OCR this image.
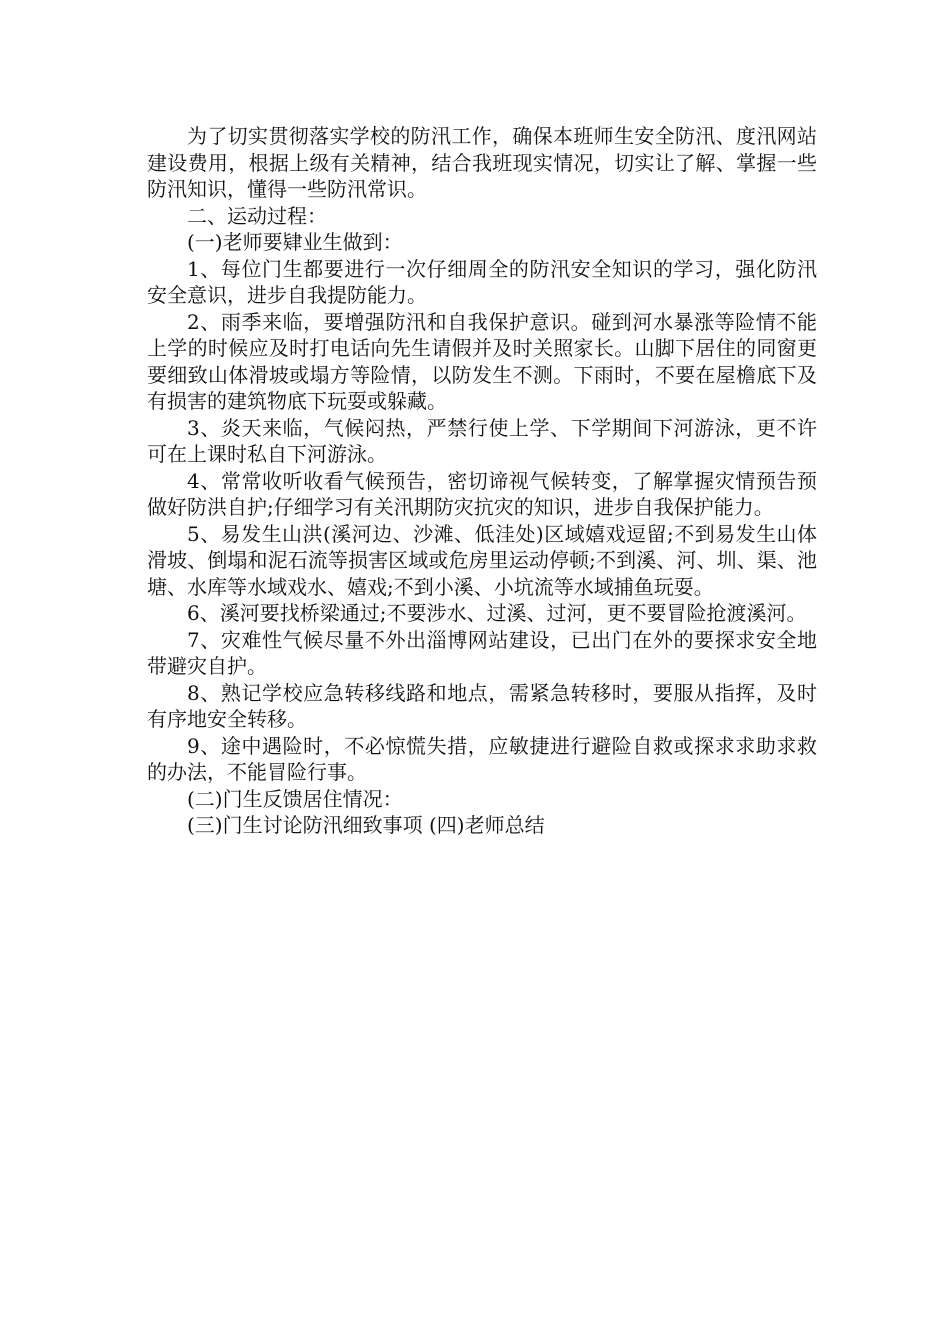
为了切实贯彻落实学校的防汛工作，确保本班师生安全防汛、度汛网站建设费用，根据上级有关精神，结合我班现实情况，切实让了解、掌握一些防汛知识，懂得一些防汛常识。

二、运动过程：

(一)老师要肄业生做到：

1、每位门生都要进行一次仔细周全的防汛安全知识的学习，强化防汛安全意识，进步自我提防能力。

2、雨季来临，要增强防汛和自我保护意识。碰到河水暴涨等险情不能上学的时候应及时打电话向先生请假并及时关照家长。山脚下居住的同窗更要细致山体滑坡或塌方等险情，以防发生不测。下雨时，不要在屋檐底下及有损害的建筑物底下玩耍或躲藏。

3、炎天来临，气候闷热，严禁行使上学、下学期间下河游泳，更不许可在上课时私自下河游泳。

4、常常收听收看气候预告，密切谛视气候转变，了解掌握灾情预告预做好防洪自护;仔细学习有关汛期防灾抗灾的知识，进步自我保护能力。

5、易发生山洪(溪河边、沙滩、低洼处)区域嬉戏逗留;不到易发生山体滑坡、倒塌和泥石流等损害区域或危房里运动停顿;不到溪、河、圳、渠、池塘、水库等水域戏水、嬉戏;不到小溪、小坑流等水域捕鱼玩耍。

6、溪河要找桥梁通过;不要涉水、过溪、过河，更不要冒险抢渡溪河。

7、灾难性气候尽量不外出淄博网站建设，已出门在外的要探求安全地带避灾自护。

8、熟记学校应急转移线路和地点，需紧急转移时，要服从指挥，及时有序地安全转移。

9、途中遇险时，不必惊慌失措，应敏捷进行避险自救或探求求助求救的办法，不能冒险行事。

(二)门生反馈居住情况：

(三)门生讨论防汛细致事项 (四)老师总结
